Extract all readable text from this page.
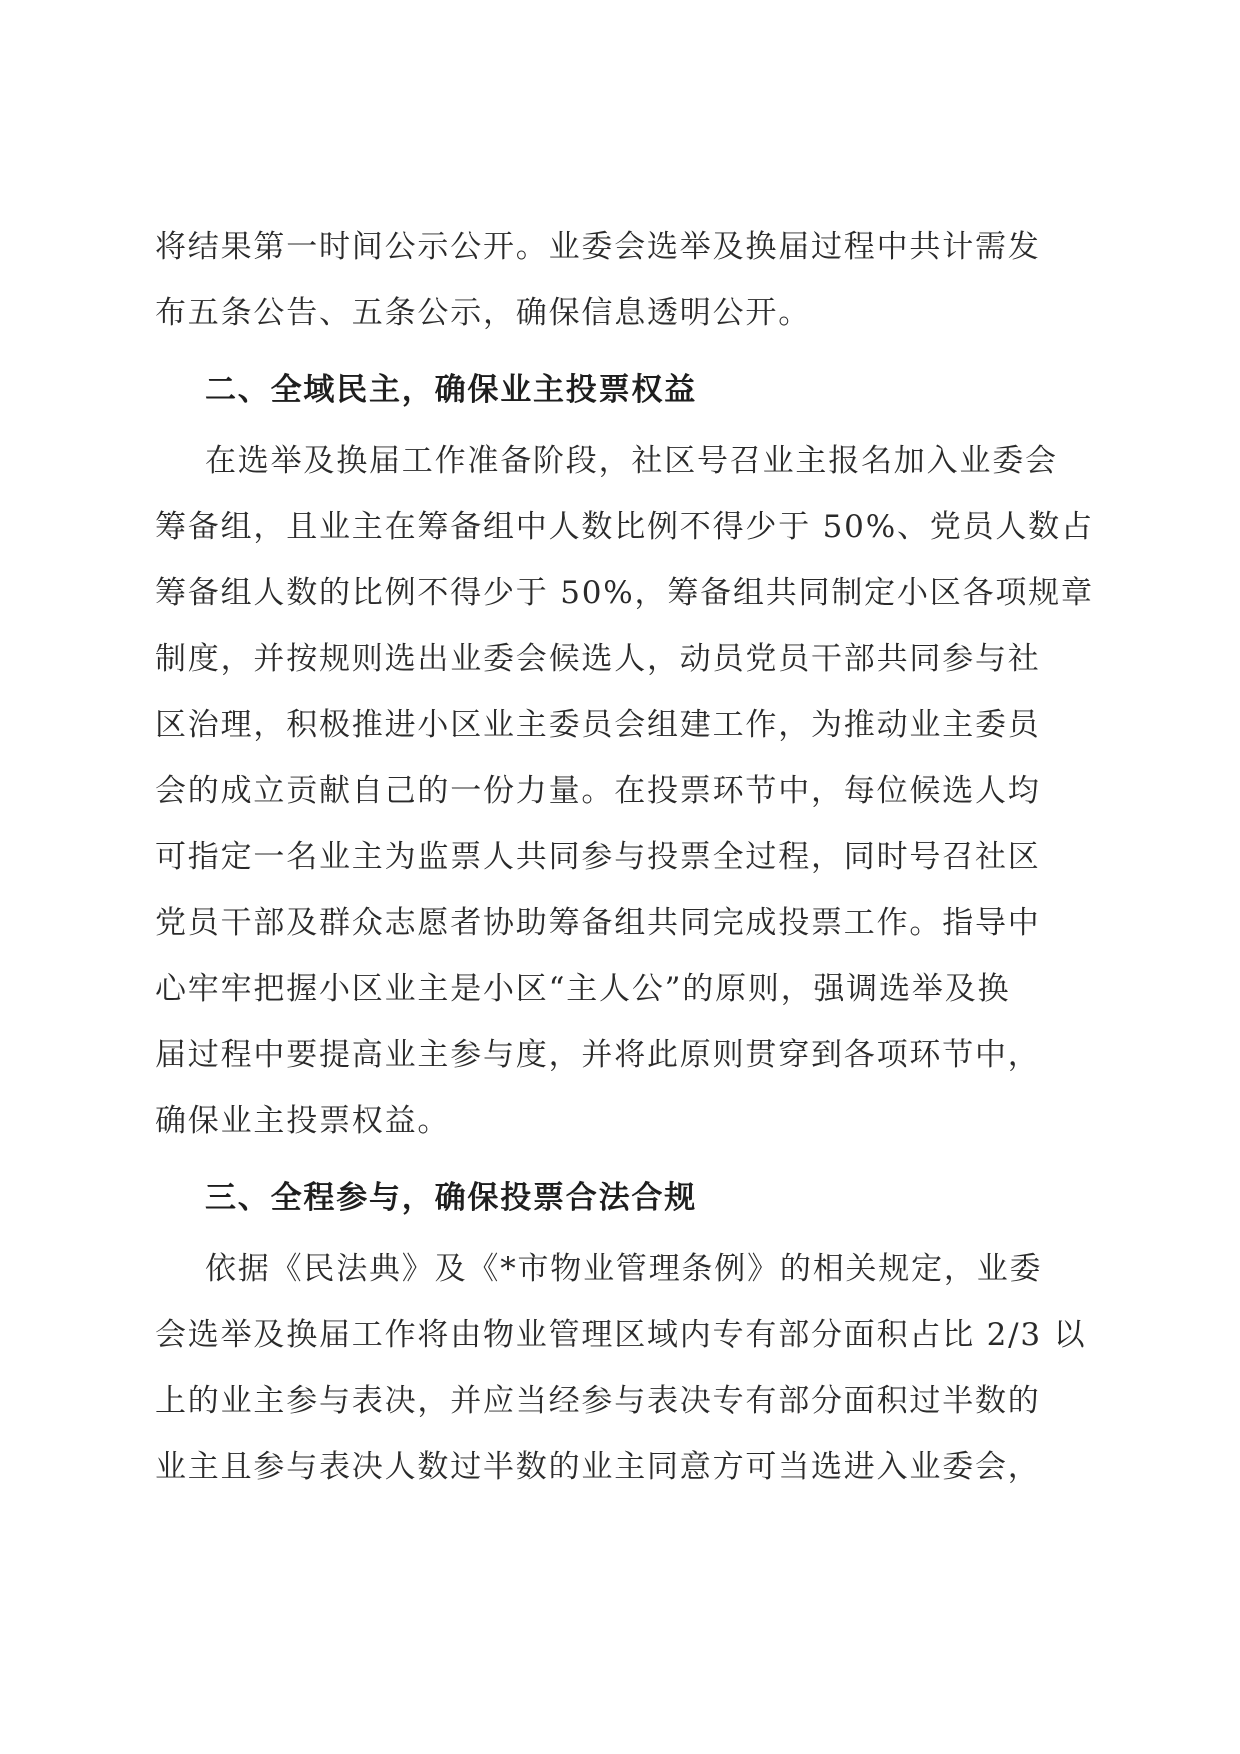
将结果第一时间公示公开。业委会选举及换届过程中共计需发
布五条公告、五条公示，确保信息透明公开。
二、全域民主，确保业主投票权益
在选举及换届工作准备阶段，社区号召业主报名加入业委会
筹备组，且业主在筹备组中人数比例不得少于 50%、党员人数占
筹备组人数的比例不得少于 50%，筹备组共同制定小区各项规章
制度，并按规则选出业委会候选人，动员党员干部共同参与社
区治理，积极推进小区业主委员会组建工作，为推动业主委员
会的成立贡献自己的一份力量。在投票环节中，每位候选人均
可指定一名业主为监票人共同参与投票全过程，同时号召社区
党员干部及群众志愿者协助筹备组共同完成投票工作。指导中
心牢牢把握小区业主是小区“主人公”的原则，强调选举及换
届过程中要提高业主参与度，并将此原则贯穿到各项环节中，
确保业主投票权益。
三、全程参与，确保投票合法合规
依据《民法典》及《*市物业管理条例》的相关规定，业委
会选举及换届工作将由物业管理区域内专有部分面积占比 2/3 以
上的业主参与表决，并应当经参与表决专有部分面积过半数的
业主且参与表决人数过半数的业主同意方可当选进入业委会，
